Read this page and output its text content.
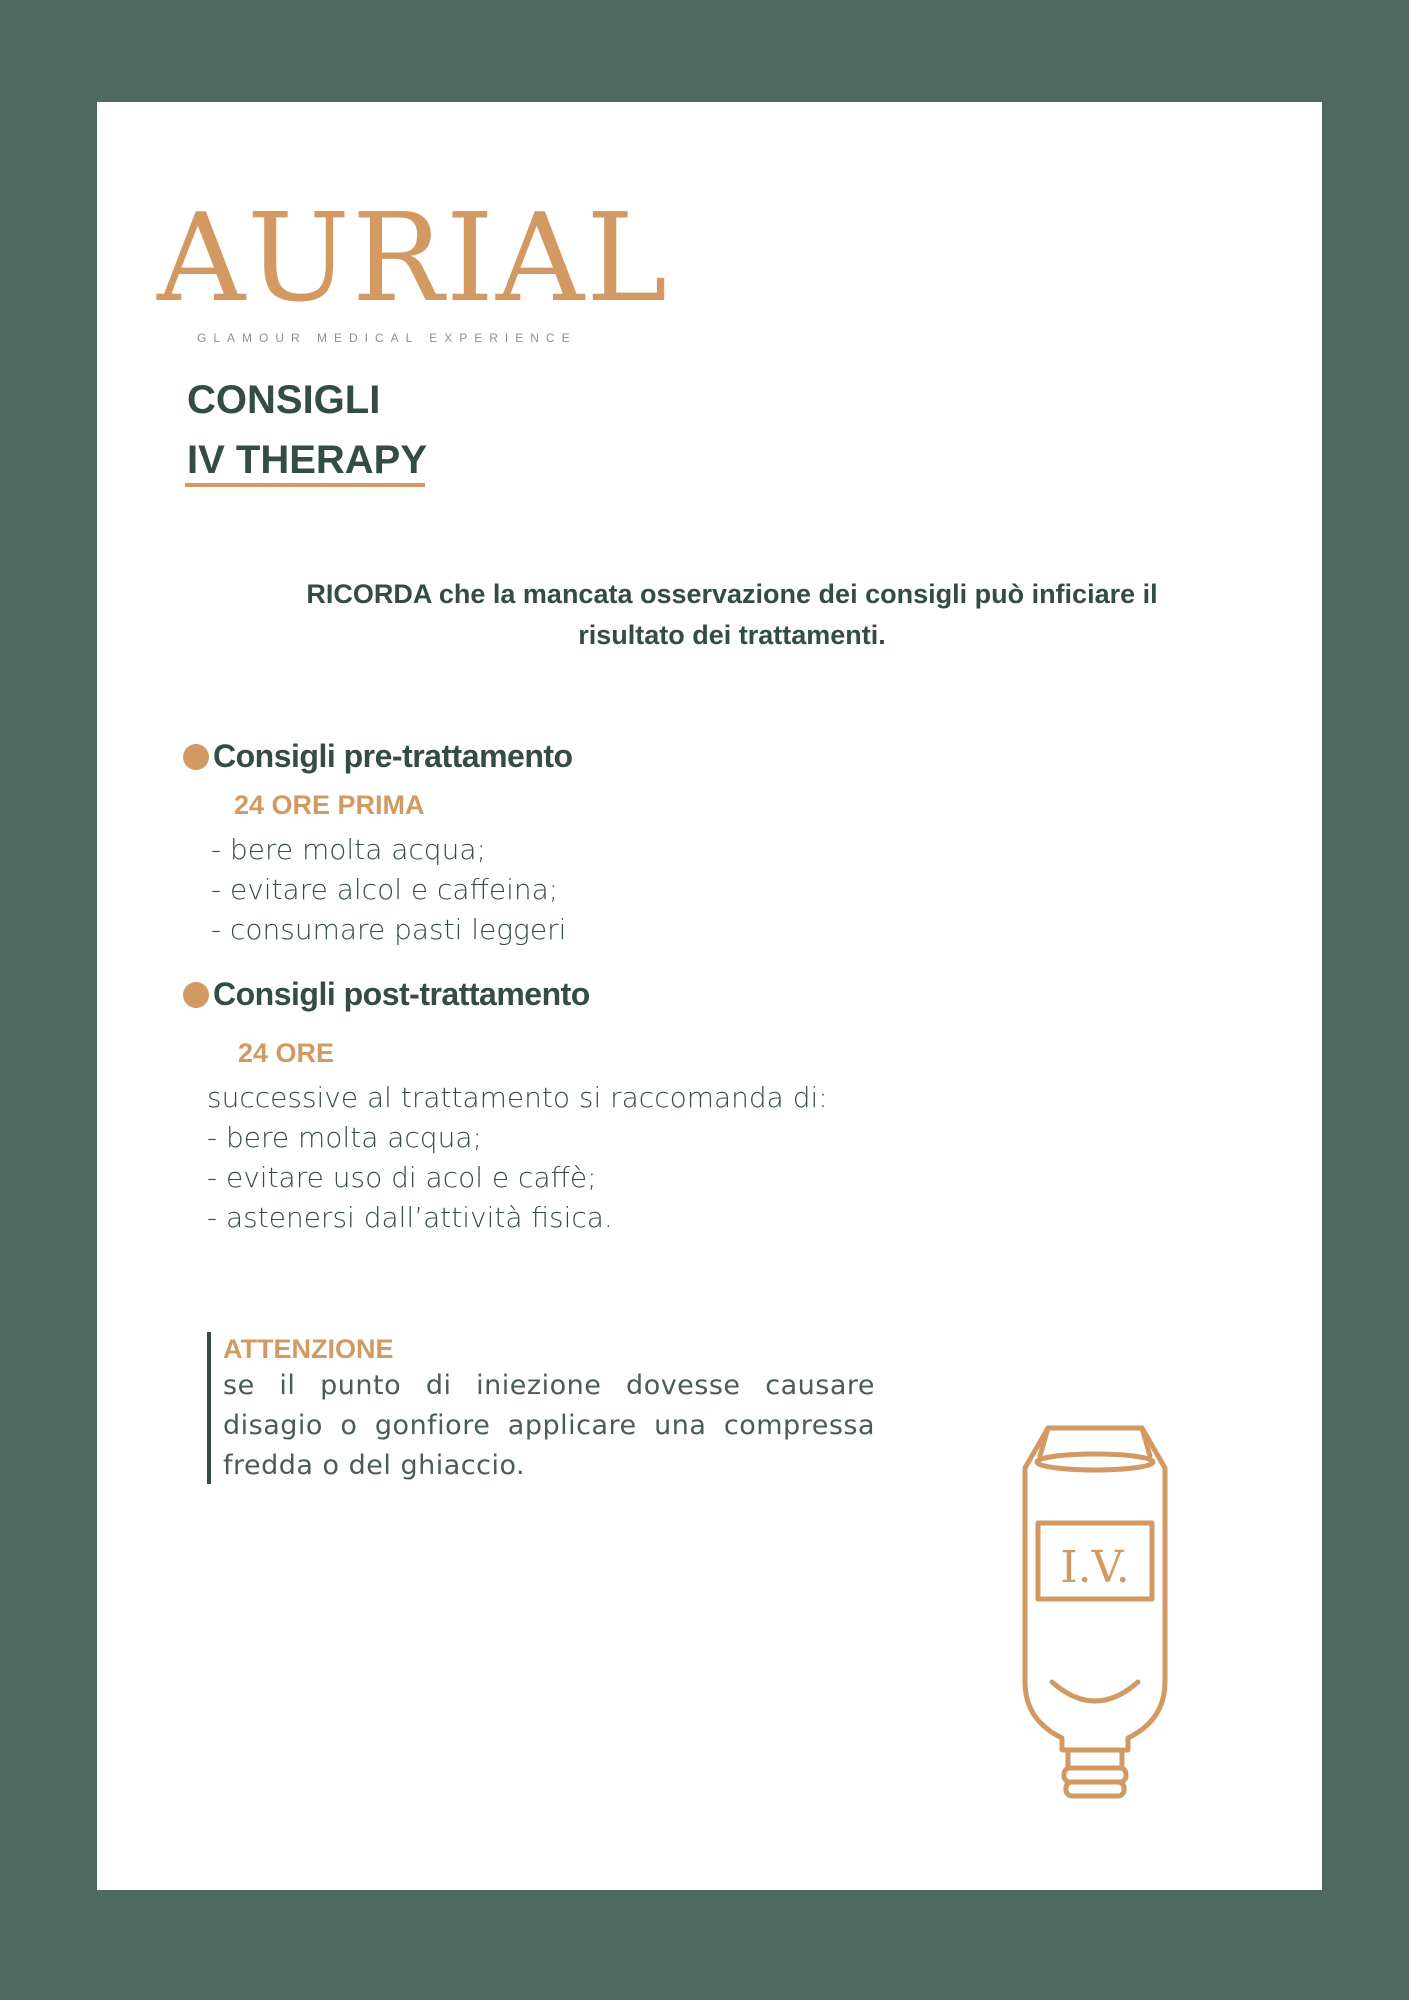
AURIAL
GLAMOUR MEDICAL EXPERIENCE
CONSIGLI
IV THERAPY
RICORDA che la mancata osservazione dei consigli può inficiare il
risultato dei trattamenti.
Consigli pre-trattamento
24 ORE PRIMA
- bere molta acqua;
- evitare alcol e caffeina;
- consumare pasti leggeri
Consigli post-trattamento
24 ORE
successive al trattamento si raccomanda di:
- bere molta acqua;
- evitare uso di acol e caffè;
- astenersi dall’attività fisica.
ATTENZIONE
se il punto di iniezione dovesse causare disagio o gonfiore applicare una compressa fredda o del ghiaccio.
I.V.
